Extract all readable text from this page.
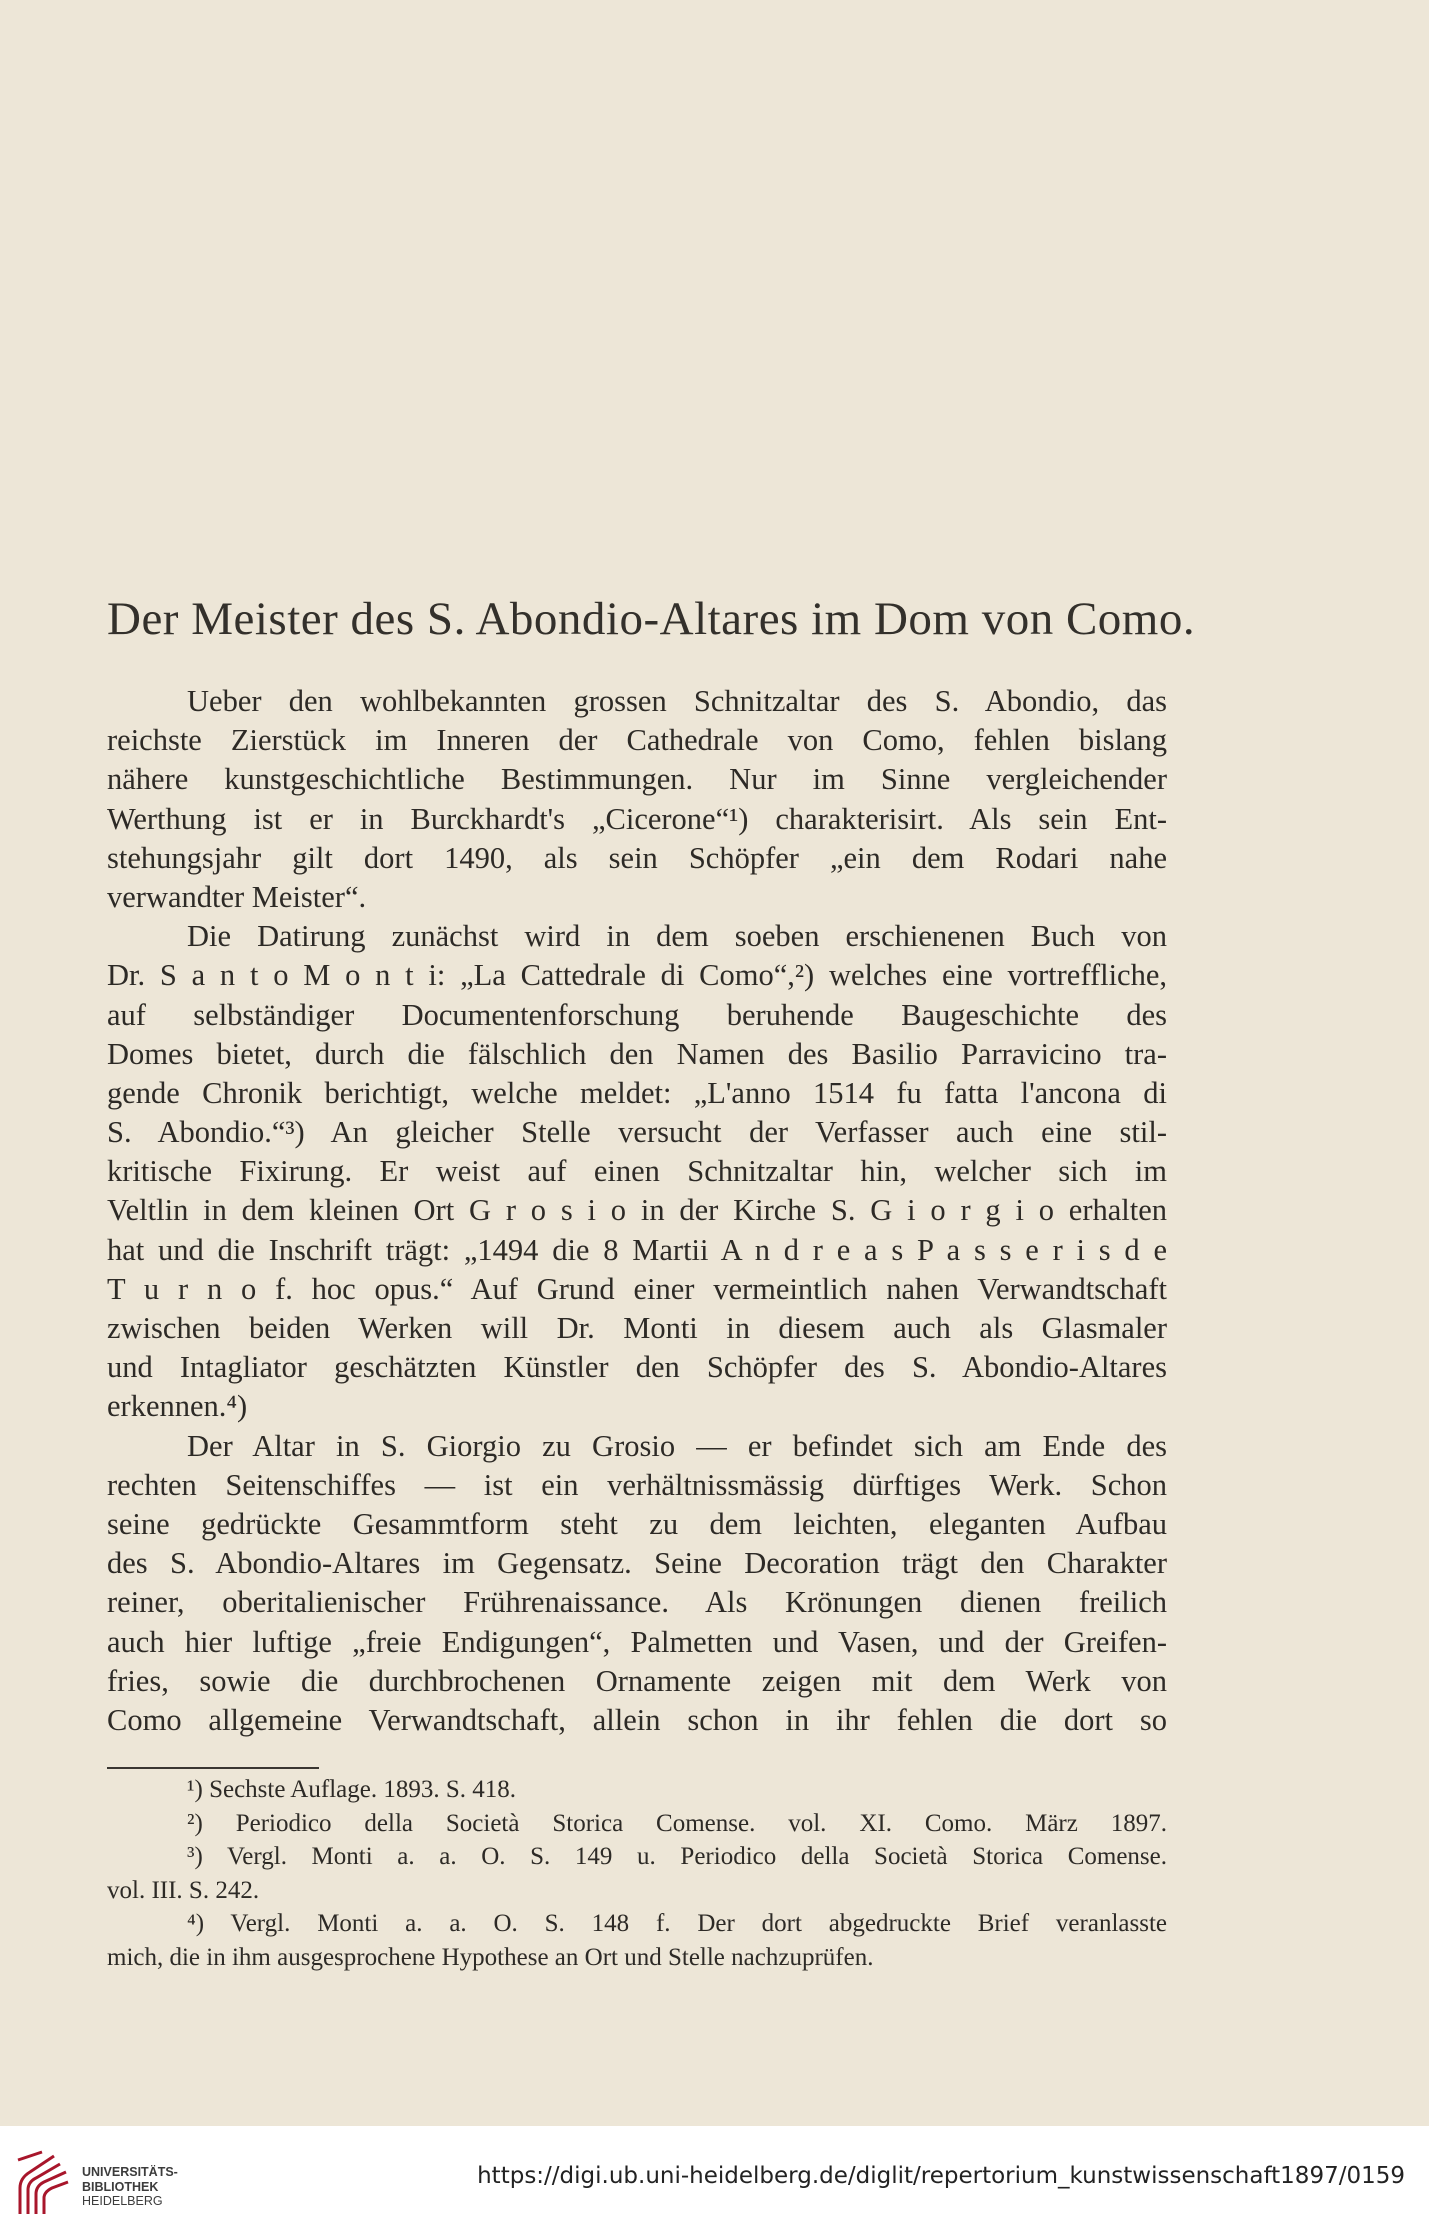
Der Meister des S. Abondio-Altares im Dom von Como.
Ueber den wohlbekannten grossen Schnitzaltar des S. Abondio, das
reichste Zierstück im Inneren der Cathedrale von Como, fehlen bislang
nähere kunstgeschichtliche Bestimmungen. Nur im Sinne vergleichender
Werthung ist er in Burckhardt's „Cicerone“¹) charakterisirt. Als sein Ent-
stehungsjahr gilt dort 1490, als sein Schöpfer „ein dem Rodari nahe
verwandter Meister“.
Die Datirung zunächst wird in dem soeben erschienenen Buch von
Dr. S a n t o M o n t i: „La Cattedrale di Como“,²) welches eine vortreffliche,
auf selbständiger Documentenforschung beruhende Baugeschichte des
Domes bietet, durch die fälschlich den Namen des Basilio Parravicino tra-
gende Chronik berichtigt, welche meldet: „L'anno 1514 fu fatta l'ancona di
S. Abondio.“³) An gleicher Stelle versucht der Verfasser auch eine stil-
kritische Fixirung. Er weist auf einen Schnitzaltar hin, welcher sich im
Veltlin in dem kleinen Ort G r o s i o in der Kirche S. G i o r g i o erhalten
hat und die Inschrift trägt: „1494 die 8 Martii A n d r e a s P a s s e r i s d e
T u r n o f. hoc opus.“ Auf Grund einer vermeintlich nahen Verwandtschaft
zwischen beiden Werken will Dr. Monti in diesem auch als Glasmaler
und Intagliator geschätzten Künstler den Schöpfer des S. Abondio-Altares
erkennen.⁴)
Der Altar in S. Giorgio zu Grosio — er befindet sich am Ende des
rechten Seitenschiffes — ist ein verhältnissmässig dürftiges Werk. Schon
seine gedrückte Gesammtform steht zu dem leichten, eleganten Aufbau
des S. Abondio-Altares im Gegensatz. Seine Decoration trägt den Charakter
reiner, oberitalienischer Frührenaissance. Als Krönungen dienen freilich
auch hier luftige „freie Endigungen“, Palmetten und Vasen, und der Greifen-
fries, sowie die durchbrochenen Ornamente zeigen mit dem Werk von
Como allgemeine Verwandtschaft, allein schon in ihr fehlen die dort so
¹) Sechste Auflage. 1893. S. 418.
²) Periodico della Società Storica Comense. vol. XI. Como. März 1897.
³) Vergl. Monti a. a. O. S. 149 u. Periodico della Società Storica Comense.
vol. III. S. 242.
⁴) Vergl. Monti a. a. O. S. 148 f. Der dort abgedruckte Brief veranlasste
mich, die in ihm ausgesprochene Hypothese an Ort und Stelle nachzuprüfen.
UNIVERSITÄTS-
BIBLIOTHEK
HEIDELBERG
https://digi.ub.uni-heidelberg.de/diglit/repertorium_kunstwissenschaft1897/0159
